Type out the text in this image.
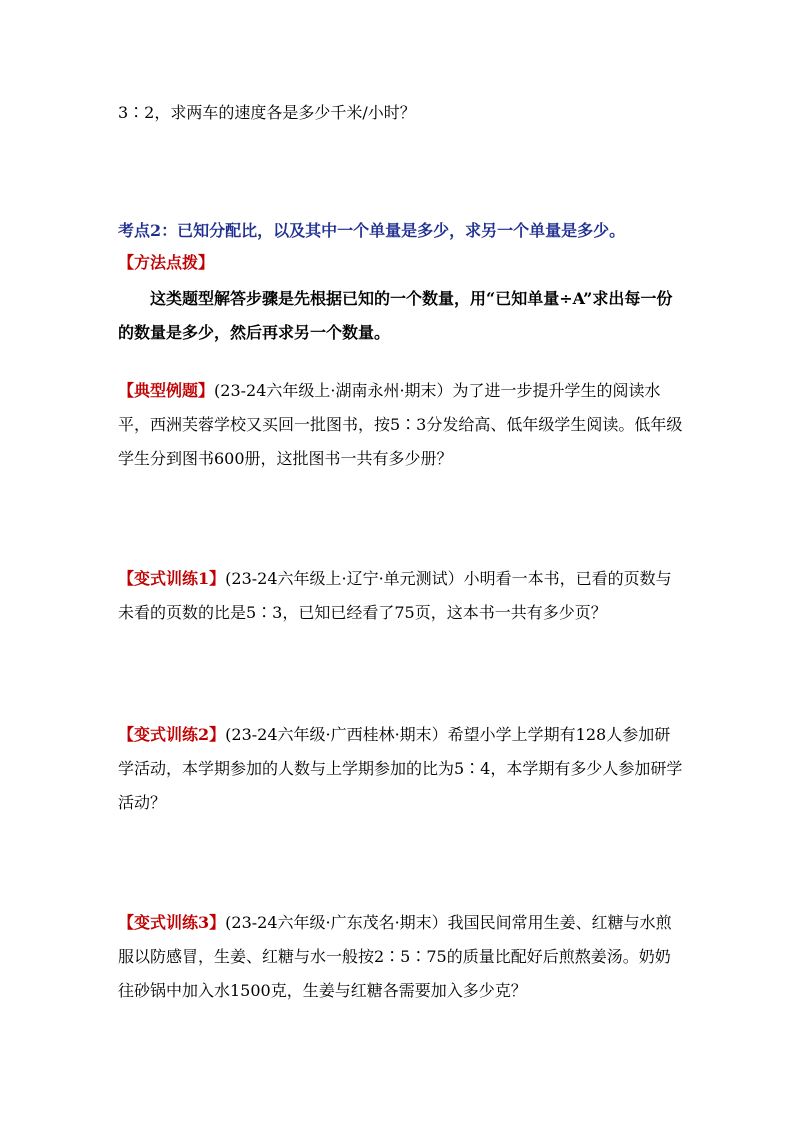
3∶2，求两车的速度各是多少千米/小时？
考点2：已知分配比，以及其中一个单量是多少，求另一个单量是多少。
【方法点拨】
这类题型解答步骤是先根据已知的一个数量，用“已知单量÷A”求出每一份的数量是多少，然后再求另一个数量。
【典型例题】(23-24六年级上·湖南永州·期末）为了进一步提升学生的阅读水平，西洲芙蓉学校又买回一批图书，按5∶3分发给高、低年级学生阅读。低年级学生分到图书600册，这批图书一共有多少册？
【变式训练1】(23-24六年级上·辽宁·单元测试）小明看一本书，已看的页数与未看的页数的比是5∶3，已知已经看了75页，这本书一共有多少页？
【变式训练2】(23-24六年级·广西桂林·期末）希望小学上学期有128人参加研学活动，本学期参加的人数与上学期参加的比为5∶4，本学期有多少人参加研学活动？
【变式训练3】(23-24六年级·广东茂名·期末）我国民间常用生姜、红糖与水煎服以防感冒，生姜、红糖与水一般按2∶5∶75的质量比配好后煎熬姜汤。奶奶往砂锅中加入水1500克，生姜与红糖各需要加入多少克？
